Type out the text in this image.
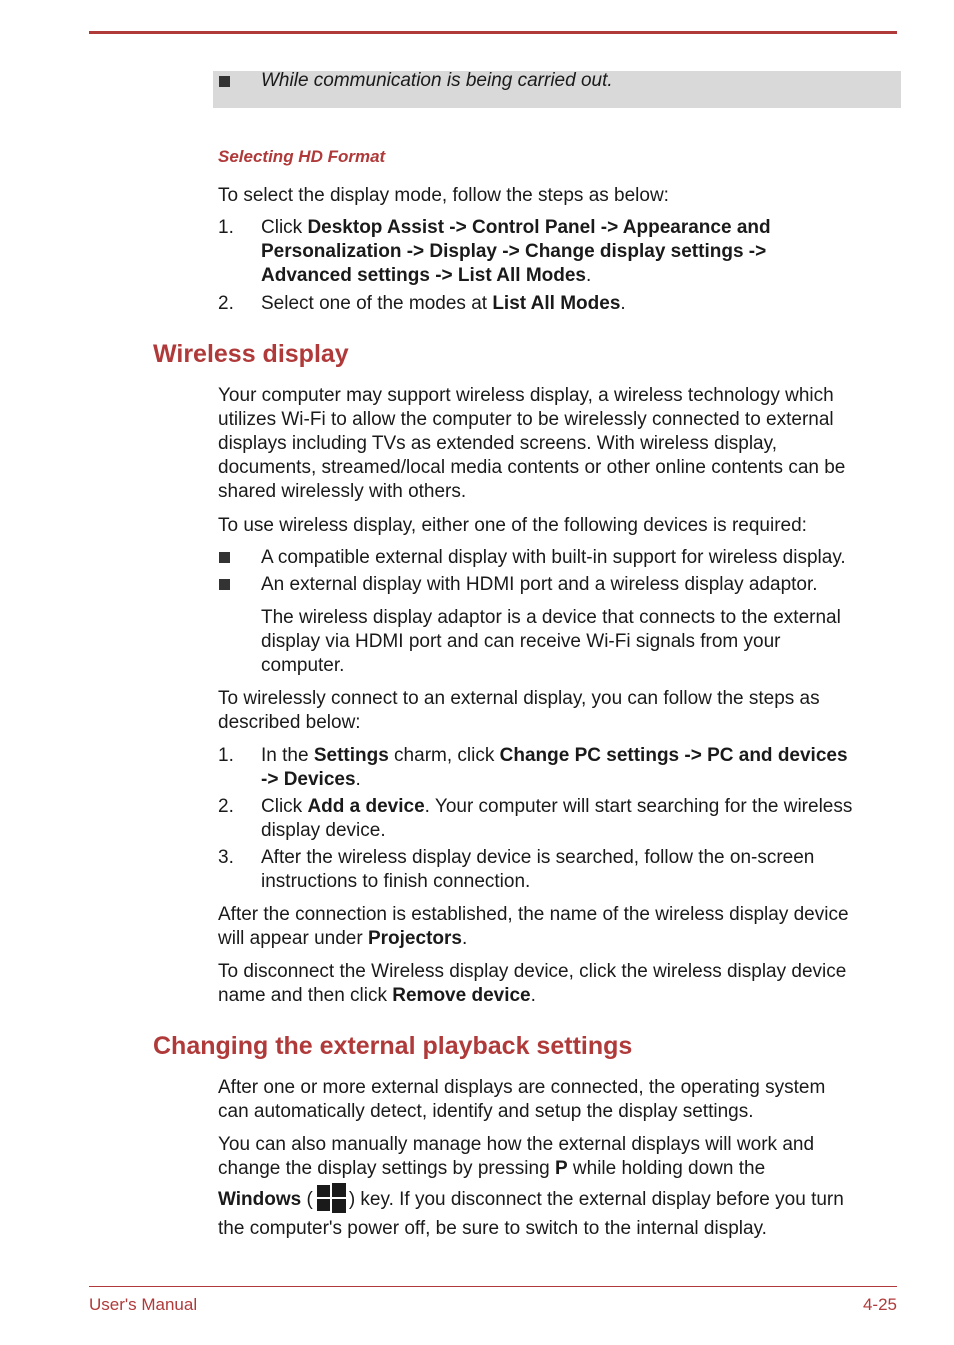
While communication is being carried out.
Selecting HD Format
To select the display mode, follow the steps as below:
1. Click Desktop Assist -> Control Panel -> Appearance and
Personalization -> Display -> Change display settings ->
Advanced settings -> List All Modes.
2. Select one of the modes at List All Modes.
Wireless display
Your computer may support wireless display, a wireless technology which
utilizes Wi-Fi to allow the computer to be wirelessly connected to external
displays including TVs as extended screens. With wireless display,
documents, streamed/local media contents or other online contents can be
shared wirelessly with others.
To use wireless display, either one of the following devices is required:
A compatible external display with built-in support for wireless display.
An external display with HDMI port and a wireless display adaptor.
The wireless display adaptor is a device that connects to the external
display via HDMI port and can receive Wi-Fi signals from your
computer.
To wirelessly connect to an external display, you can follow the steps as
described below:
1. In the Settings charm, click Change PC settings -> PC and devices
-> Devices.
2. Click Add a device. Your computer will start searching for the wireless
display device.
3. After the wireless display device is searched, follow the on-screen
instructions to finish connection.
After the connection is established, the name of the wireless display device
will appear under Projectors.
To disconnect the Wireless display device, click the wireless display device
name and then click Remove device.
Changing the external playback settings
After one or more external displays are connected, the operating system
can automatically detect, identify and setup the display settings.
You can also manually manage how the external displays will work and
change the display settings by pressing P while holding down the
Windows ( ) key. If you disconnect the external display before you turn
the computer's power off, be sure to switch to the internal display.
User's Manual	4-25
